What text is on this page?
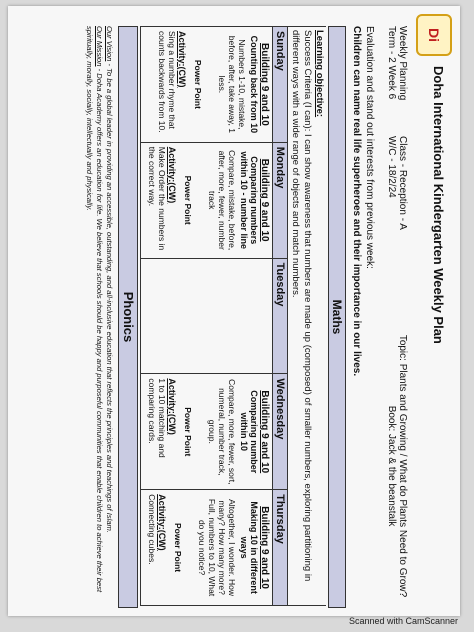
Di
Doha International Kindergarten Weekly Plan
Weekly Planning
Term - 2 Week 6
Class - Reception - A
W/C - 18/2/24
Topic: Plants and Growing / What do Plants Need to Grow?
Book: Jack & the beanstalk
Evaluation and stand out interests from previous week:
Children can name real life superheroes and their importance in our lives.
Maths
Learning objective:
Success Criteria (I can): I can show awareness that numbers are made up (composed) of smaller numbers, exploring partitioning in different ways with a wide range of objects and match numbers.
Sunday
Building 9 and 10
Counting back from 10
Numbers 1-10, mistake, before, after, take away, 1 less.
Power Point
Activity:(CW)
Sing a number rhyme that counts backwards from 10.
Monday
Building 9 and 10
Comparing numbers within 10 - number line
Compare, mistake, before, after, more, fewer, number track
Power Point
Activity:(CW)
Make Order the numbers in the correct way.
Tuesday
Wednesday
Building 9 and 10
Comparing number within 10
Compare, more, fewer, sort, numeral, number track, group.
Power Point
Activity:(CW)
1 to 10 matching and comparing cards.
Thursday
Building 9 and 10
Making 10 in different ways
Altogether, I wonder. How many? How many more? Full, numbers to 10, What do you notice?
Power Point
Activity:(CW)
Connecting cubes.
Phonics
Our Vision - To be a global leader in providing an accessible, outstanding, and all-inclusive education that reflects the principles and teachings of Islam.
Our Mission - Doha Academy offers an education for life. We believe that schools should be happy and purposeful communities that enable children to achieve their best spiritually, morally, socially, intellectually and physically.
Scanned with CamScanner
